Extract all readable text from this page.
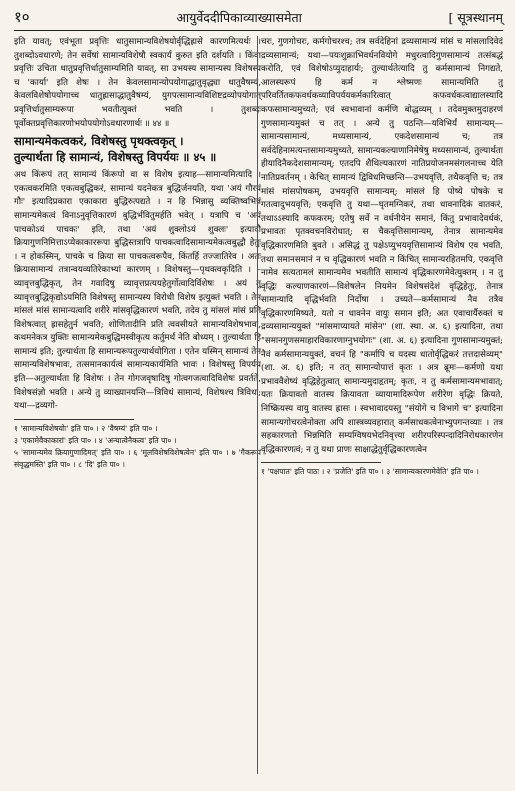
१०	आयुर्वेददीपिकाव्याख्यासमेता	[ सूत्रस्थानम्

इति यावत्; एवंभूता प्रवृत्तिः धातुसामान्यविशेषयोर्वृद्धिह्रासे कारणमित्यर्थः । तुशब्दोऽवधारणे; तेन सर्वेषां सामान्यविशेषौ स्वकार्यं कुरुत इति दर्शयति । किंवा प्रवृत्तिः उचिता धातुप्रवृत्तिर्धातुसाम्यमिति यावत्, सा उभयस्य सामान्यस्य विशेषस्य च 'कार्या' इति शेषः । तेन केवलसामान्योपयोगाद्धातुवृद्ध्या धातुवैषम्यं, केवलविशेषोपयोगाच्च धातुह्रासाद्धातुवैषम्यं, युगपत्सामान्यविशिष्टद्रव्योपयोगात् प्रवृत्तिर्धातुसाम्यरूपा भवतीत्युक्तं भवति । तुशब्दः पूर्वोक्तप्रवृत्तिकारणोभयोपयोगोऽवधारणार्थः ॥ ४४ ॥

सामान्यमेकत्वकरं, विशेषस्तु पृथक्त्वकृत् ।
तुल्यार्थता हि सामान्यं, विशेषस्तु विपर्ययः ॥ ४५ ॥

अथ किंरूपं तत् सामान्यं किंरूपो वा स विशेष इत्याह—सामान्यमित्यादि । एकत्वकरमिति एकत्वबुद्धिकरं, सामान्यं यदनेकत्र बुद्धिर्जनयति, यथा 'अयं गौरयं गौः' इत्यादिप्रकारा एकाकारा बुद्धिरुत्पद्यते । न हि भिन्नासु व्यक्तिष्वभिन्नं सामान्यमेकत्वं विनाऽनुवृत्तिकारणं बुद्धिर्भवितुमर्हति भवेत् । यत्रापि च 'अयं पाचकोऽयं पाचकः' इति, तथा 'अयं शुक्लोऽयं शुक्लः' इत्यादौ क्रियागुणनिमित्ताऽप्येकाकाररूपा बुद्धिस्तत्रापि पाचकत्वादिसामान्यमेकत्वबुद्धौ हेतुः । न होकस्मिन्, पाचके च क्रिया सा पाचकत्वरूपैव, किंतर्हि तज्जातिरेव । अतः क्रियासामान्यं तत्रान्वयव्यतिरेकाभ्यां कारणम् । विशेषस्तु—पृथक्त्वकृदिति । –व्यावृत्तबुद्धिकृत्, तेन गवादिषु व्यावृत्तप्रत्ययहेतुर्गोत्वादिर्विशेषः । अयं तु व्यावृत्तबुद्धिकृद्योऽयमिति विशेषस्तु सामान्यस्य विरोधी विशेष इत्युक्तं भवति । तेन मांसलं मांसं सामान्यत्वादि शरीरे मांसवृद्धिकारणं भवति, तदेव तु मांसलं मांसं प्रति विशेषत्वात् ह्रासहेतुर्न भवति; शोणितादीनि प्रति त्ववसीयते सामान्यविशेषभावः, कथमनेकत्र युक्तिः सामान्यमेकबुद्धिमस्वीकृत्य कर्तुमर्थं नेति बोध्यम् । तुल्यार्थता हि सामान्यं इति; तुल्यार्थता हि सामान्यरूपतुल्यार्थयोगिता । एतेन यस्मिन् सामान्यं तेन सामान्यविशेषभावः, तत्समानकार्यत्वं सामान्यकार्यमिति भावः । विशेषस्तु विपर्यय इति—अतुल्यार्थता हि विशेषः । तेन गोगजवृषादिषु गोत्वगजत्वादिविशेषः प्रवर्तते, विशेषसंज्ञो भवति । अन्ये तु व्याख्यानयन्ति—त्रिविधं सामान्यं, विशेषश्च त्रिविधः; यथा—द्रव्यगो-

१ 'सामान्यविशेषयोः' इति पा० । २ 'वैषम्यं' इति पा० ।
३ 'एकामेवैकाकारां' इति पा० । ४ 'अन्यात्वेनैकत्व' इति पा० ।
५ 'सामान्यमेव क्रियागुणादिमत्' इति पा० । ६ 'मूलविशेषविशेषत्वेन' इति पा० । ७ 'गैकरूपं संवृद्धमस्ति' इति पा० । ८ 'दि' इति पा० ।

चरः, गुणगोचरः, कर्मगोचरश्च; तत्र सर्वदेहिनां द्रव्यसामान्यं मांसं च मांसलादिवेदं द्रव्यसामान्यं; यथा—पयःशुक्राभिवर्धनवियोगे मधुरत्वादिगुणसामान्यं तत्संबद्धं करोति, एवं विशेषोऽप्युदाहार्यः; तुल्यार्थतेत्यादि तु कर्मसामान्यं निगद्यते, आलस्यरूपं हि कर्म न श्लेष्मणः सामान्यमिति तु परिवर्तितकफवर्धकव्याविपर्ययकर्मकारित्वात् कफवर्धकत्वाद्यालस्यादि कफसामान्यमुच्यते; एवं स्वभावानां कर्मणि बोद्धव्यम् । तदेवमुक्तमुदाहरणं गुणसामान्यमुक्तं च तत् । अन्ये तु पठन्ति—यविभिर्यं सामान्यम्—सामान्यसामान्यं, मध्यसामान्यं, एकदेशसामान्यं च; तत्र सर्वदेहिनामत्यन्तसामान्यमुच्यते, सामान्यकल्याणानिमेषेषु मध्यसामान्यं, तुल्यार्थता हीयादिनैकदेशसामान्यम्; एतदपि शैथिल्यकारणं नातिप्रयोजनमसंगलनाच्च येति नातिप्रवर्तनम् । केचित् सामान्यं द्विविधमिच्छन्ति—उभयवृत्ति, तथैकवृत्ति च; तत्र मांसं मांसपोषकम्, उभयवृत्ति सामान्यम्; मांसलं हि पोष्ये पोषके च गतत्वादुभयवृत्ति; एकवृत्ति तु यथा—घृतमग्निकरं, तथा धावनादिकं वातकरं, तथाऽऽस्यादि कफकरम्; एतेषु सर्वे न वर्धनीयेन समानं, किंतु प्रभावादेवर्धकं, प्रभावतः पृतक्वचनविरोधात्; स चैकवृत्तिसामान्यम्, तेनात्र सामान्यमेव वृद्धिकारणमिति बुवते । असिद्धं तु पक्षेऽप्युभयवृत्तिसामान्यं विशेष एव भवति, तथा समानसमानं न च वृद्धिकारणं भवति न किंचित् सामान्यरहितमपि, एकवृत्ति नामेव सत्यतामलं सामान्यमेव भवतीति सामान्यं वृद्धिकारणमेवेत्युक्तम् । न तु वृद्धिः कल्याणकारणं—विशेषलेन नियमेन विशेषसंदेशं वृद्धिहेतुः, तेनात्र सामान्यादि वृद्धिर्भवति निर्दोषा । उच्यते—कर्मसामान्यं नैव तत्रैव वृद्धिकारणमिष्यते, यतो न धावनेन वायुः समान इति; अत एवाचार्यैरुक्तं च द्रव्यसामान्ययुक्तं "मांसमाप्यायते मांसेन" (शा. स्था. अ. ६) इत्यादिना, तथा "समानगुणसमाहारविकारणाग्नुभयोगः" (शा. अ. ६) इत्यादिना गुणसामान्यमुक्तं; नैवं कर्मसामान्ययुक्तं, वचनं हि "कर्मापि च यदस्य धातोर्वृद्धिकरं तत्तदासेव्यम्" (शा. अ. ६) इति; न तत् सामान्योपात्तं कृतः । अत्र ब्रूमः—कर्मणो यथा प्रभाववैशेष्यं वृद्धिहेतुत्वात् सामान्यमुदाहृतम्; कृतः, न तु कर्मसामान्यमभावात्; यतः क्रियावतो वातस्य क्रियावता व्यायामादिरूपेण शरीरेण वृद्धिः क्रियते, निष्क्रियस्य वायु वातस्य ह्रासः । स्वभावादयस्तु "संयोगे च विभागे च" इत्यादिना सामान्यगोचरत्वेनोक्ता अपि शास्त्रव्यवहारात् कर्मसाधकत्वेनाभ्युपगन्तव्याः । तत्र सहकारणतो भिन्नमिति सम्यग्विषयभेदनिवृत्त्या शरीरपरिस्पन्दादिनिरोधकारणेन वृद्धिकारणत्वं; न तु यथा प्राणः साक्षाद्धेतुर्वृद्धिकारणत्वेन

१ 'पक्षपात' इति पाठः । २ 'प्रजेति' इति पा० । ३ 'सामान्यकारणमेवेति' इति पा० ।
